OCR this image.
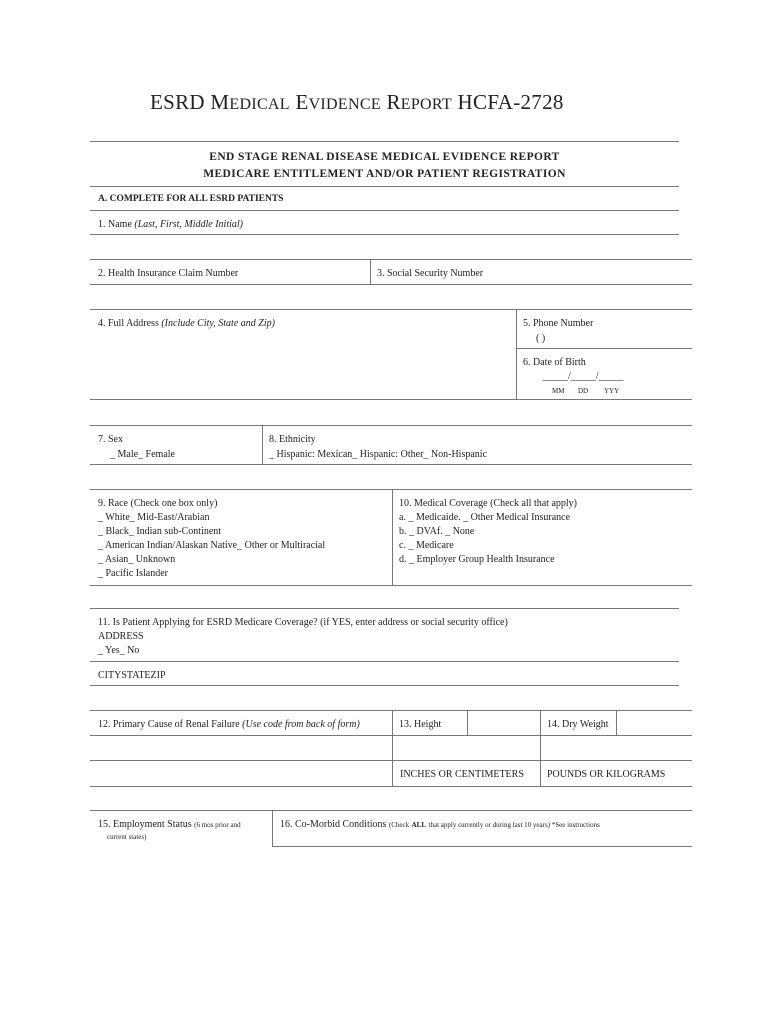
ESRD MEDICAL EVIDENCE REPORT HCFA-2728
END STAGE RENAL DISEASE MEDICAL EVIDENCE REPORT
MEDICARE ENTITLEMENT AND/OR PATIENT REGISTRATION
A. COMPLETE FOR ALL ESRD PATIENTS
1. Name (Last, First, Middle Initial)
2. Health Insurance Claim Number	3. Social Security Number
4. Full Address (Include City, State and Zip)	5. Phone Number
( )
6. Date of Birth
_____/_____/_____
MM DD YYY
7. Sex
_ Male_ Female
8. Ethnicity
_ Hispanic: Mexican_ Hispanic: Other_ Non-Hispanic
9. Race (Check one box only)
_ White_ Mid-East/Arabian
_ Black_ Indian sub-Continent
_ American Indian/Alaskan Native_ Other or Multiracial
_ Asian_ Unknown
_ Pacific Islander
10. Medical Coverage (Check all that apply)
a. _ Medicaide. _ Other Medical Insurance
b. _ DVAf. _ None
c. _ Medicare
d. _ Employer Group Health Insurance
11. Is Patient Applying for ESRD Medicare Coverage? (if YES, enter address or social security office)
ADDRESS
_ Yes_ No
CITYSTATEZIP
12. Primary Cause of Renal Failure (Use code from back of form)	13. Height	14. Dry Weight
INCHES OR CENTIMETERS POUNDS OR KILOGRAMS
15. Employment Status (6 mos prior and
current states)
16. Co-Morbid Conditions (Check ALL that apply currently or during last 10 years) *See instructions
